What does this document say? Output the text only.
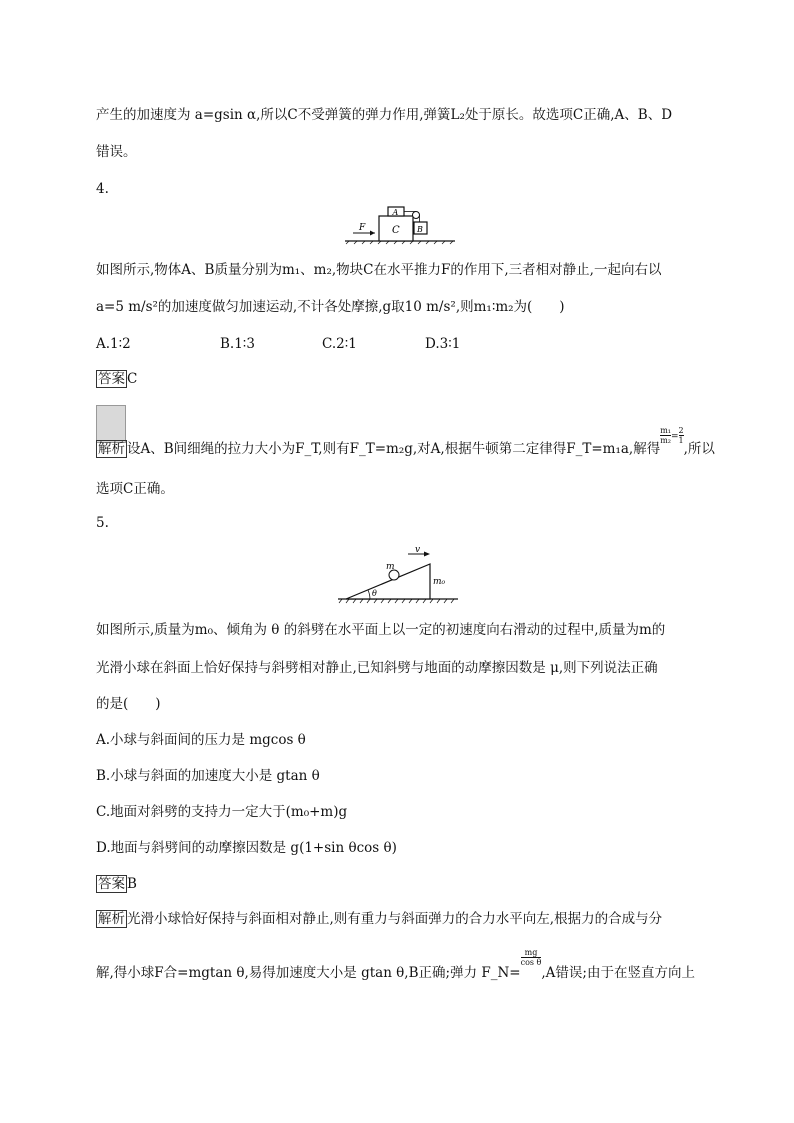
产生的加速度为 a=gsin α,所以C不受弹簧的弹力作用,弹簧L₂处于原长。故选项C正确,A、B、D
错误。
4.
F
A
C B
如图所示,物体A、B质量分别为m₁、m₂,物块C在水平推力F的作用下,三者相对静止,一起向右以
a=5 m/s²的加速度做匀加速运动,不计各处摩擦,g取10 m/s²,则m₁∶m₂为(　　)
A.1∶2	B.1∶3	C.2∶1	D.3∶1
答案 C
解析 设A、B间细绳的拉力大小为F_T,则有F_T=m₂g,对A,根据牛顿第二定律得F_T=m₁a,解得
$\frac{\text{m₁}}{\text{m₂}} ^= \frac{2}{1}$
,所以
选项C正确。
5.
v
m
m₀
θ
如图所示,质量为m₀、倾角为 θ 的斜劈在水平面上以一定的初速度向右滑动的过程中,质量为m的
光滑小球在斜面上恰好保持与斜劈相对静止,已知斜劈与地面的动摩擦因数是 μ,则下列说法正确
的是(　　)
A.小球与斜面间的压力是 mgcos θ
B.小球与斜面的加速度大小是 gtan θ
C.地面对斜劈的支持力一定大于(m₀+m)g
D.地面与斜劈间的动摩擦因数是 g(1+sin θcos θ)
答案 B
解析 光滑小球恰好保持与斜面相对静止,则有重力与斜面弹力的合力水平向左,根据力的合成与分
解,得小球F合=mgtan θ,易得加速度大小是 gtan θ,B正确;弹力 F_N=
$\frac{mg}{\text{cos θ}}$
,A错误;由于在竖直方向上
